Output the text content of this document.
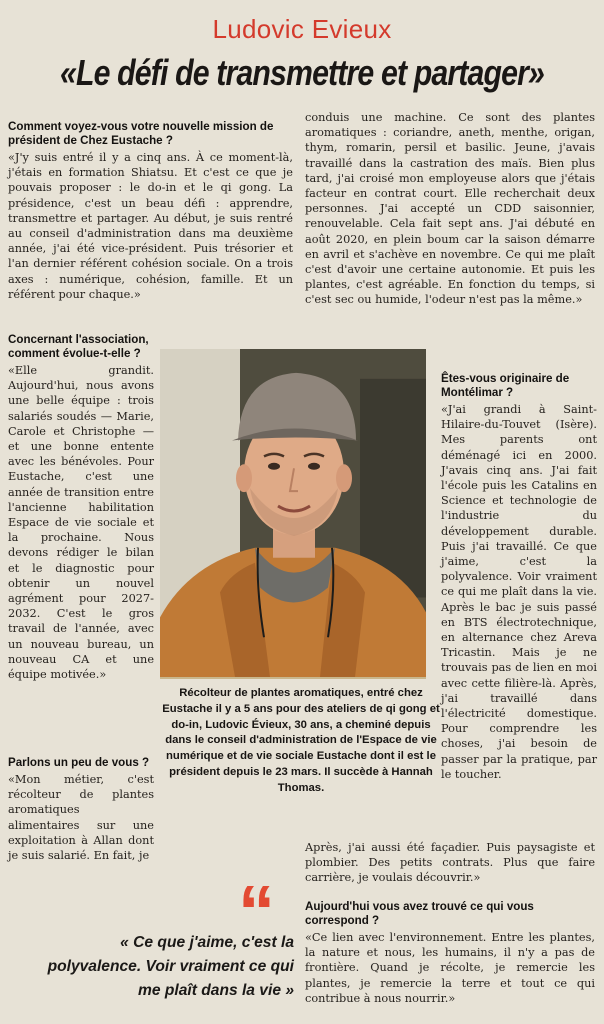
Ludovic Evieux
«Le défi de transmettre et partager»
Comment voyez-vous votre nouvelle mission de président de Chez Eustache ?
«J'y suis entré il y a cinq ans. À ce moment-là, j'étais en formation Shiatsu. Et c'est ce que je pouvais proposer : le do-in et le qi gong. La présidence, c'est un beau défi : apprendre, transmettre et partager. Au début, je suis rentré au conseil d'administration dans ma deuxième année, j'ai été vice-président. Puis trésorier et l'an dernier référent cohésion sociale. On a trois axes : numérique, cohésion, famille. Et un référent pour chaque.»
conduis une machine. Ce sont des plantes aromatiques : coriandre, aneth, menthe, origan, thym, romarin, persil et basilic. Jeune, j'avais travaillé dans la castration des maïs. Bien plus tard, j'ai croisé mon employeuse alors que j'étais facteur en contrat court. Elle recherchait deux personnes. J'ai accepté un CDD saisonnier, renouvelable. Cela fait sept ans. J'ai débuté en août 2020, en plein boum car la saison démarre en avril et s'achève en novembre. Ce qui me plaît c'est d'avoir une certaine autonomie. Et puis les plantes, c'est agréable. En fonction du temps, si c'est sec ou humide, l'odeur n'est pas la même.»
Concernant l'association, comment évolue-t-elle ?
«Elle grandit. Aujourd'hui, nous avons une belle équipe : trois salariés soudés — Marie, Carole et Christophe — et une bonne entente avec les bénévoles. Pour Eustache, c'est une année de transition entre l'ancienne habilitation Espace de vie sociale et la prochaine. Nous devons rédiger le bilan et le diagnostic pour obtenir un nouvel agrément pour 2027-2032. C'est le gros travail de l'année, avec un nouveau bureau, un nouveau CA et une équipe motivée.»
Récolteur de plantes aromatiques, entré chez Eustache il y a 5 ans pour des ateliers de qi gong et do-in, Ludovic Évieux, 30 ans, a cheminé depuis dans le conseil d'administration de l'Espace de vie numérique et de vie sociale Eustache dont il est le président depuis le 23 mars. Il succède à Hannah Thomas.
Êtes-vous originaire de Montélimar ?
«J'ai grandi à Saint-Hilaire-du-Touvet (Isère). Mes parents ont déménagé ici en 2000. J'avais cinq ans. J'ai fait l'école puis les Catalins en Science et technologie de l'industrie du développement durable. Puis j'ai travaillé. Ce que j'aime, c'est la polyvalence. Voir vraiment ce qui me plaît dans la vie. Après le bac je suis passé en BTS électrotechnique, en alternance chez Areva Tricastin. Mais je ne trouvais pas de lien en moi avec cette filière-là. Après, j'ai travaillé dans l'électricité domestique. Pour comprendre les choses, j'ai besoin de passer par la pratique, par le toucher.
Parlons un peu de vous ?
«Mon métier, c'est récolteur de plantes aromatiques alimentaires sur une exploitation à Allan dont je suis salarié. En fait, je
Après, j'ai aussi été façadier. Puis paysagiste et plombier. Des petits contrats. Plus que faire carrière, je voulais découvrir.»
Aujourd'hui vous avez trouvé ce qui vous correspond ?
«Ce lien avec l'environnement. Entre les plantes, la nature et nous, les humains, il n'y a pas de frontière. Quand je récolte, je remercie les plantes, je remercie la terre et tout ce qui contribue à nous nourrir.»
“
« Ce que j'aime, c'est la polyvalence. Voir vraiment ce qui me plaît dans la vie »
